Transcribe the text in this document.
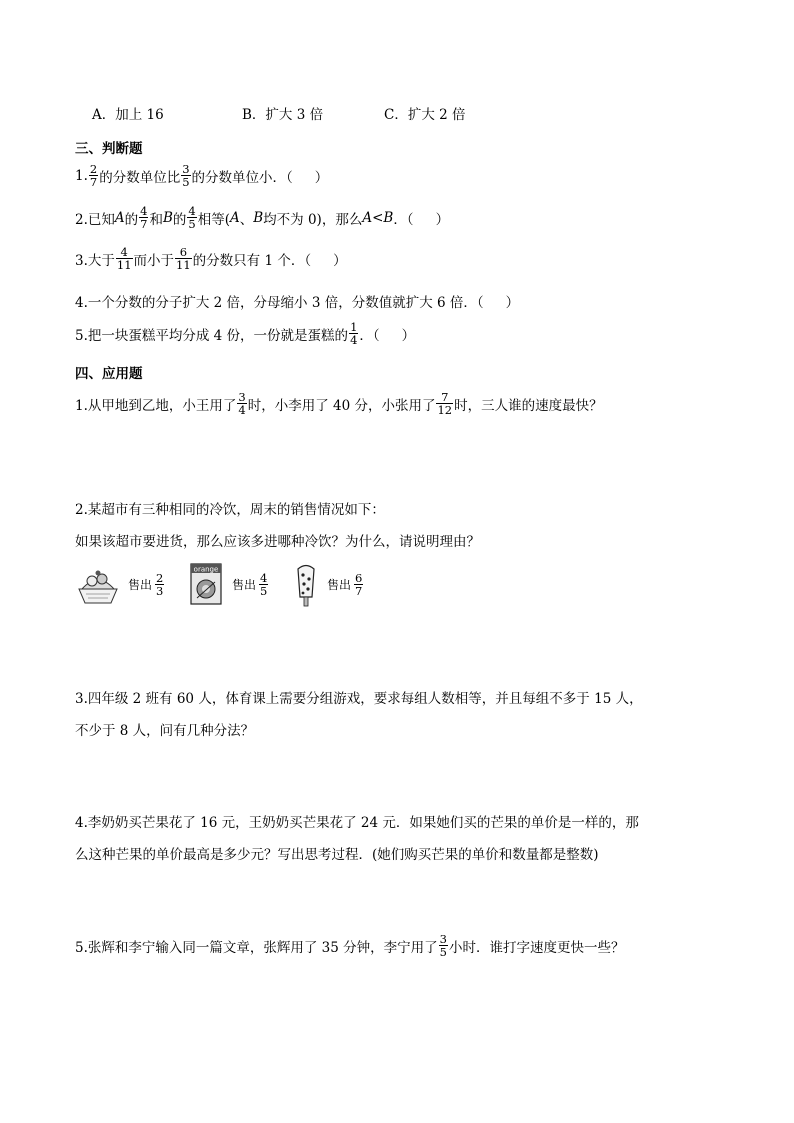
A．加上 16	B．扩大 3 倍	C．扩大 2 倍
三、判断题
1. $\frac{2}{7}$ 的分数单位比 $\frac{3}{5}$ 的分数单位小．（ ）
2.已知 A 的 $\frac{4}{7}$ 和 B 的 $\frac{4}{5}$ 相等( A 、 B 均不为 0)，那么 A < B ．（ ）
3.大于 $\frac{4}{11}$ 而小于 $\frac{6}{11}$ 的分数只有 1 个．（ ）
4.一个分数的分子扩大 2 倍，分母缩小 3 倍，分数值就扩大 6 倍．（ ）
5.把一块蛋糕平均分成 4 份，一份就是蛋糕的 $\frac{1}{4}$ ．（ ）
四、应用题
1.从甲地到乙地，小王用了 $\frac{3}{4}$ 时，小李用了 40 分，小张用了 $\frac{7}{12}$ 时，三人谁的速度最快？
2.某超市有三种相同的冷饮，周末的销售情况如下：
如果该超市要进货，那么应该多进哪种冷饮？为什么，请说明理由？
售出 $\frac{2}{3}$
orange
售出 $\frac{4}{5}$	售出 $\frac{6}{7}$
3.四年级 2 班有 60 人，体育课上需要分组游戏，要求每组人数相等，并且每组不多于 15 人，
不少于 8 人，问有几种分法？
4.李奶奶买芒果花了 16 元，王奶奶买芒果花了 24 元．如果她们买的芒果的单价是一样的，那
么这种芒果的单价最高是多少元？写出思考过程．(她们购买芒果的单价和数量都是整数)
5.张辉和李宁输入同一篇文章，张辉用了 35 分钟，李宁用了 $\frac{3}{5}$ 小时．谁打字速度更快一些？
